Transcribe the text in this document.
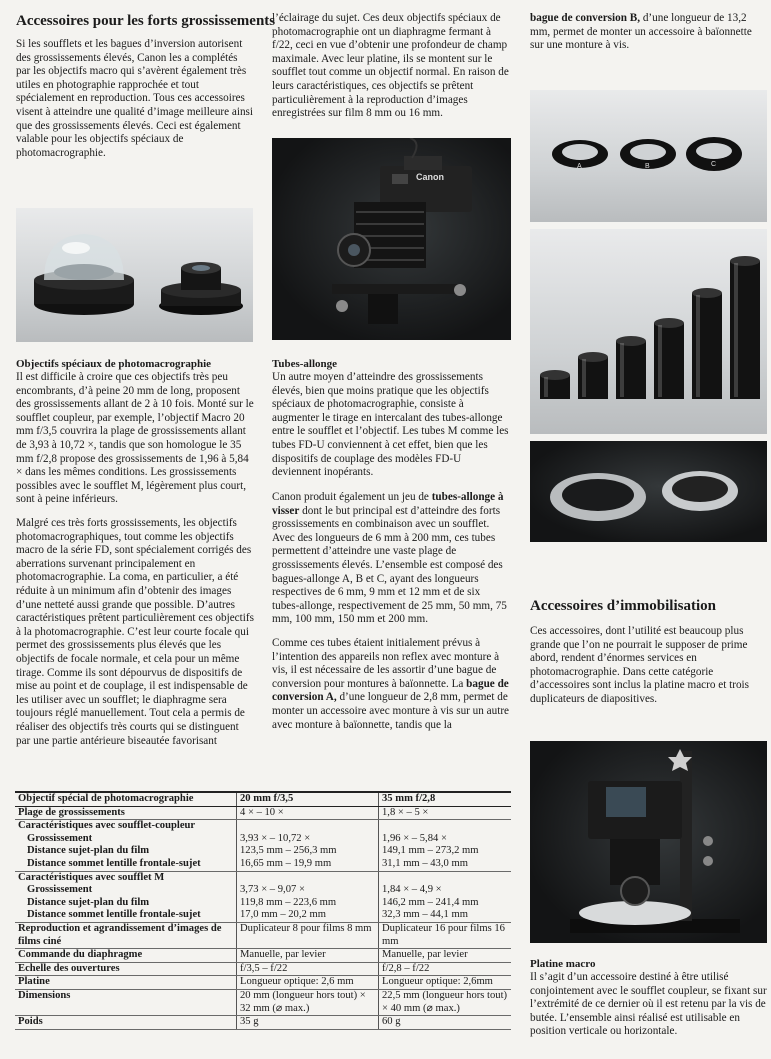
Accessoires pour les forts grossissements

Si les soufflets et les bagues d’inversion autorisent des grossissements élevés, Canon les a complétés par les objectifs macro qui s’avèrent également très utiles en photographie rapprochée et tout spécialement en reproduction. Tous ces accessoires visent à atteindre une qualité d’image meilleure ainsi que des grossissements élevés. Ceci est également valable pour les objectifs spéciaux de photomacrographie.

Objectifs spéciaux de photomacrographie

Il est difficile à croire que ces objectifs très peu encombrants, d’à peine 20 mm de long, proposent des grossissements allant de 2 à 10 fois. Monté sur le soufflet coupleur, par exemple, l’objectif Macro 20 mm f/3,5 couvrira la plage de grossissements allant de 3,93 à 10,72 ×, tandis que son homologue le 35 mm f/2,8 propose des grossissements de 1,96 à 5,84 × dans les mêmes conditions. Les grossissements possibles avec le soufflet M, légèrement plus court, sont à peine inférieurs.

Malgré ces très forts grossissements, les objectifs photomacrographiques, tout comme les objectifs macro de la série FD, sont spécialement corrigés des aberrations survenant principalement en photomacrographie. La coma, en particulier, a été réduite à un minimum afin d’obtenir des images d’une netteté aussi grande que possible. D’autres caractéristiques prêtent particulièrement ces objectifs à la photomacrographie. C’est leur courte focale qui permet des grossissements plus élevés que les objectifs de focale normale, et cela pour un même tirage. Comme ils sont dépourvus de dispositifs de mise au point et de couplage, il est indispensable de les utiliser avec un soufflet; le diaphragme sera toujours réglé manuellement. Tout cela a permis de réaliser des objectifs très courts qui se distinguent par une partie antérieure biseautée favorisant

l’éclairage du sujet. Ces deux objectifs spéciaux de photomacrographie ont un diaphragme fermant à f/22, ceci en vue d’obtenir une profondeur de champ maximale. Avec leur platine, ils se montent sur le soufflet tout comme un objectif normal. En raison de leurs caractéristiques, ces objectifs se prêtent particulièrement à la reproduction d’images enregistrées sur film 8 mm ou 16 mm.

Canon

Tubes-allonge

Un autre moyen d’atteindre des grossissements élevés, bien que moins pratique que les objectifs spéciaux de photomacrographie, consiste à augmenter le tirage en intercalant des tubes-allonge entre le soufflet et l’objectif. Les tubes M comme les tubes FD-U conviennent à cet effet, bien que les dispositifs de couplage des modèles FD-U deviennent inopérants.

Canon produit également un jeu de tubes-allonge à visser dont le but principal est d’atteindre des forts grossissements en combinaison avec un soufflet. Avec des longueurs de 6 mm à 200 mm, ces tubes permettent d’atteindre une vaste plage de grossissements élevés. L’ensemble est composé des bagues-allonge A, B et C, ayant des longueurs respectives de 6 mm, 9 mm et 12 mm et de six tubes-allonge, respectivement de 25 mm, 50 mm, 75 mm, 100 mm, 150 mm et 200 mm.

Comme ces tubes étaient initialement prévus à l’intention des appareils non reflex avec monture à vis, il est nécessaire de les assortir d’une bague de conversion pour montures à baïonnette. La bague de conversion A, d’une longueur de 2,8 mm, permet de monter un accessoire avec monture à vis sur un autre avec monture à baïonnette, tandis que la

bague de conversion B, d’une longueur de 13,2 mm, permet de monter un accessoire à baïonnette sur une monture à vis.

A	B	C
Accessoires d’immobilisation

Ces accessoires, dont l’utilité est beaucoup plus grande que l’on ne pourrait le supposer de prime abord, rendent d’énormes services en photomacrographie. Dans cette catégorie d’accessoires sont inclus la platine macro et trois duplicateurs de diapositives.

Platine macro

Il s’agit d’un accessoire destiné à être utilisé conjointement avec le soufflet coupleur, se fixant sur l’extrémité de ce dernier où il est retenu par la vis de butée. L’ensemble ainsi réalisé est utilisable en position verticale ou horizontale.

Objectif spécial de photomacrographie	20 mm f/3,5	35 mm f/2,8
Plage de grossissements	4 × – 10 ×	1,8 × – 5 ×
Caractéristiques avec soufflet-coupleur		
Grossissement	3,93 × – 10,72 ×	1,96 × – 5,84 ×
Distance sujet-plan du film	123,5 mm – 256,3 mm	149,1 mm – 273,2 mm
Distance sommet lentille frontale-sujet	16,65 mm – 19,9 mm	31,1 mm – 43,0 mm
Caractéristiques avec soufflet M		
Grossissement	3,73 × – 9,07 ×	1,84 × – 4,9 ×
Distance sujet-plan du film	119,8 mm – 223,6 mm	146,2 mm – 241,4 mm
Distance sommet lentille frontale-sujet	17,0 mm – 20,2 mm	32,3 mm – 44,1 mm
Reproduction et agrandissement d’images de films ciné	Duplicateur 8 pour films 8 mm	Duplicateur 16 pour films 16 mm
Commande du diaphragme	Manuelle, par levier	Manuelle, par levier
Echelle des ouvertures	f/3,5 – f/22	f/2,8 – f/22
Platine	Longueur optique: 2,6 mm	Longueur optique: 2,6mm
Dimensions	20 mm (longueur hors tout) × 32 mm (⌀ max.)	22,5 mm (longueur hors tout) × 40 mm (⌀ max.)
Poids	35 g	60 g
